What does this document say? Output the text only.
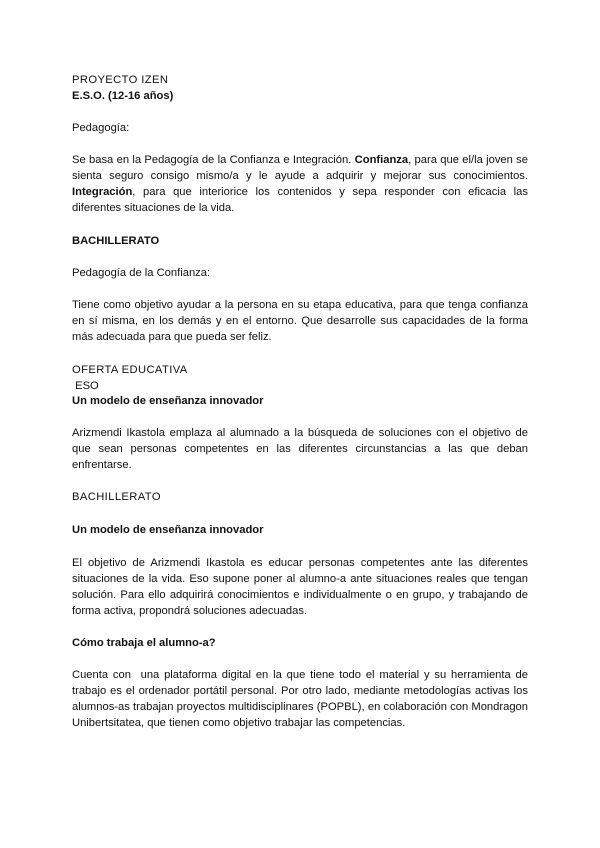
PROYECTO IZEN
E.S.O. (12-16 años)
Pedagogía:
Se basa en la Pedagogía de la Confianza e Integración. Confianza, para que el/la joven se sienta seguro consigo mismo/a y le ayude a adquirir y mejorar sus conocimientos. Integración, para que interiorice los contenidos y sepa responder con eficacia las diferentes situaciones de la vida.
BACHILLERATO
Pedagogía de la Confianza:
Tiene como objetivo ayudar a la persona en su etapa educativa, para que tenga confianza en sí misma, en los demás y en el entorno. Que desarrolle sus capacidades de la forma más adecuada para que pueda ser feliz.
OFERTA EDUCATIVA
ESO
Un modelo de enseñanza innovador
Arizmendi Ikastola emplaza al alumnado a la búsqueda de soluciones con el objetivo de que sean personas competentes en las diferentes circunstancias a las que deban enfrentarse.
BACHILLERATO
Un modelo de enseñanza innovador
El objetivo de Arizmendi Ikastola es educar personas competentes ante las diferentes situaciones de la vida. Eso supone poner al alumno-a ante situaciones reales que tengan solución. Para ello adquirirá conocimientos e individualmente o en grupo, y trabajando de forma activa, propondrá soluciones adecuadas.
Cómo trabaja el alumno-a?
Cuenta con  una plataforma digital en la que tiene todo el material y su herramienta de trabajo es el ordenador portátil personal. Por otro lado, mediante metodologías activas los alumnos-as trabajan proyectos multidisciplinares (POPBL), en colaboración con Mondragon Unibertsitatea, que tienen como objetivo trabajar las competencias.
